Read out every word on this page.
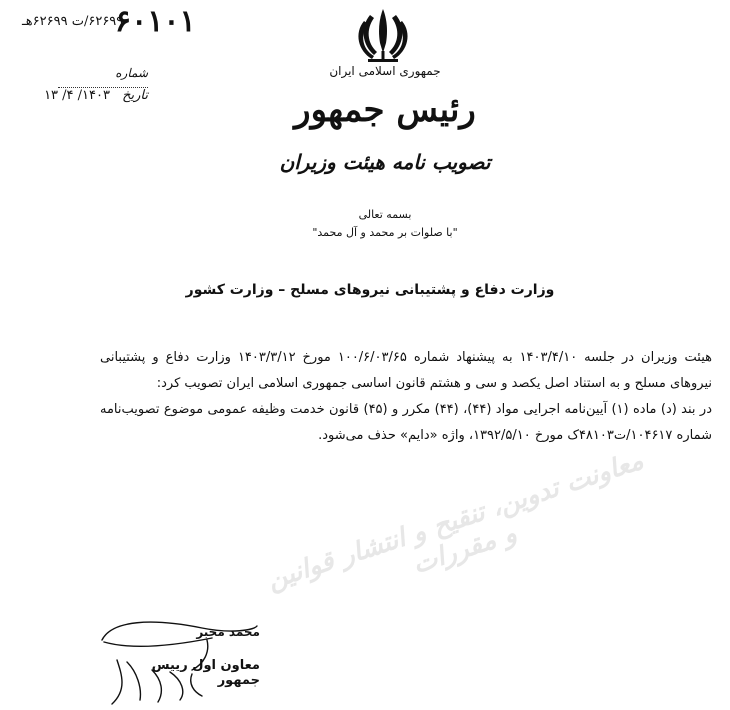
۶۲۶۹۹/ت ۶۲۶۹۹هـ
۶۰۱۰۱
شماره
تاریخ ۱۴۰۳/ ۴/ ۱۳
جمهوری اسلامی ایران
رئیس جمهور
تصویب نامه هیئت وزیران
بسمه تعالی
"با صلوات بر محمد و آل محمد"
وزارت دفاع و پشتیبانی نیروهای مسلح – وزارت کشور
معاونت تدوین، تنقیح و انتشار قوانین و مقررات

هیئت وزیران در جلسه ۱۴۰۳/۴/۱۰ به پیشنهاد شماره ۱۰۰/۶/۰۳/۶۵ مورخ ۱۴۰۳/۳/۱۲ وزارت دفاع و پشتیبانی نیروهای مسلح و به استناد اصل یکصد و سی و هشتم قانون اساسی جمهوری اسلامی ایران تصویب کرد:

در بند (د) ماده (۱) آیین‌نامه اجرایی مواد (۴۴)، (۴۴) مکرر و (۴۵) قانون خدمت وظیفه عمومی موضوع تصویب‌نامه شماره ۱۰۴۶۱۷/ت۴۸۱۰۳ک مورخ ۱۳۹۲/۵/۱۰، واژه «دایم» حذف می‌شود.

محمد مخبر
معاون اول رییس جمهور
